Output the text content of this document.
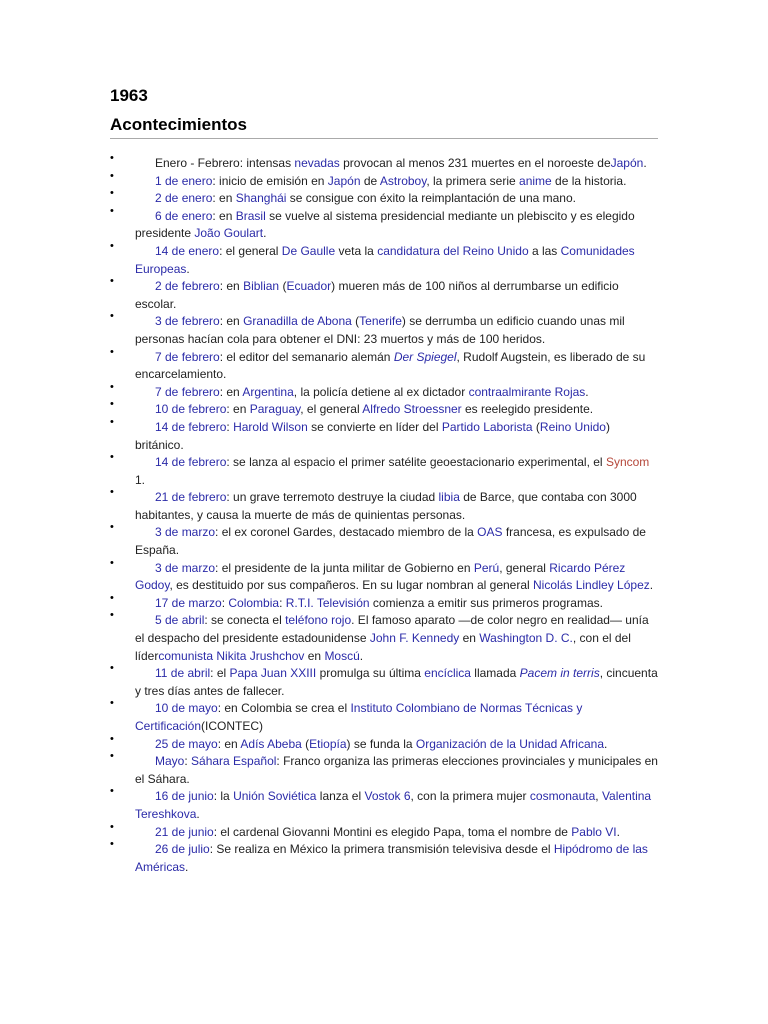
1963
Acontecimientos
•	Enero - Febrero: intensas nevadas provocan al menos 231 muertes en el noroeste deJapón.
•	1 de enero: inicio de emisión en Japón de Astroboy, la primera serie anime de la historia.
•	2 de enero: en Shanghái se consigue con éxito la reimplantación de una mano.
•	6 de enero: en Brasil se vuelve al sistema presidencial mediante un plebiscito y es elegido presidente João Goulart.
•	14 de enero: el general De Gaulle veta la candidatura del Reino Unido a las Comunidades Europeas.
•	2 de febrero: en Biblian (Ecuador) mueren más de 100 niños al derrumbarse un edificio escolar.
•	3 de febrero: en Granadilla de Abona (Tenerife) se derrumba un edificio cuando unas mil personas hacían cola para obtener el DNI: 23 muertos y más de 100 heridos.
•	7 de febrero: el editor del semanario alemán Der Spiegel, Rudolf Augstein, es liberado de su encarcelamiento.
•	7 de febrero: en Argentina, la policía detiene al ex dictador contraalmirante Rojas.
•	10 de febrero: en Paraguay, el general Alfredo Stroessner es reelegido presidente.
•	14 de febrero: Harold Wilson se convierte en líder del Partido Laborista (Reino Unido) británico.
•	14 de febrero: se lanza al espacio el primer satélite geoestacionario experimental, el Syncom 1.
•	21 de febrero: un grave terremoto destruye la ciudad libia de Barce, que contaba con 3000 habitantes, y causa la muerte de más de quinientas personas.
•	3 de marzo: el ex coronel Gardes, destacado miembro de la OAS francesa, es expulsado de España.
•	3 de marzo: el presidente de la junta militar de Gobierno en Perú, general Ricardo Pérez Godoy, es destituido por sus compañeros. En su lugar nombran al general Nicolás Lindley López.
•	17 de marzo: Colombia: R.T.I. Televisión comienza a emitir sus primeros programas.
•	5 de abril: se conecta el teléfono rojo. El famoso aparato —de color negro en realidad— unía el despacho del presidente estadounidense John F. Kennedy en Washington D. C., con el del lídercomunista Nikita Jrushchov en Moscú.
•	11 de abril: el Papa Juan XXIII promulga su última encíclica llamada Pacem in terris, cincuenta y tres días antes de fallecer.
•	10 de mayo: en Colombia se crea el Instituto Colombiano de Normas Técnicas y Certificación(ICONTEC)
•	25 de mayo: en Adís Abeba (Etiopía) se funda la Organización de la Unidad Africana.
•	Mayo: Sáhara Español: Franco organiza las primeras elecciones provinciales y municipales en el Sáhara.
•	16 de junio: la Unión Soviética lanza el Vostok 6, con la primera mujer cosmonauta, Valentina Tereshkova.
•	21 de junio: el cardenal Giovanni Montini es elegido Papa, toma el nombre de Pablo VI.
•	26 de julio: Se realiza en México la primera transmisión televisiva desde el Hipódromo de las Américas.
